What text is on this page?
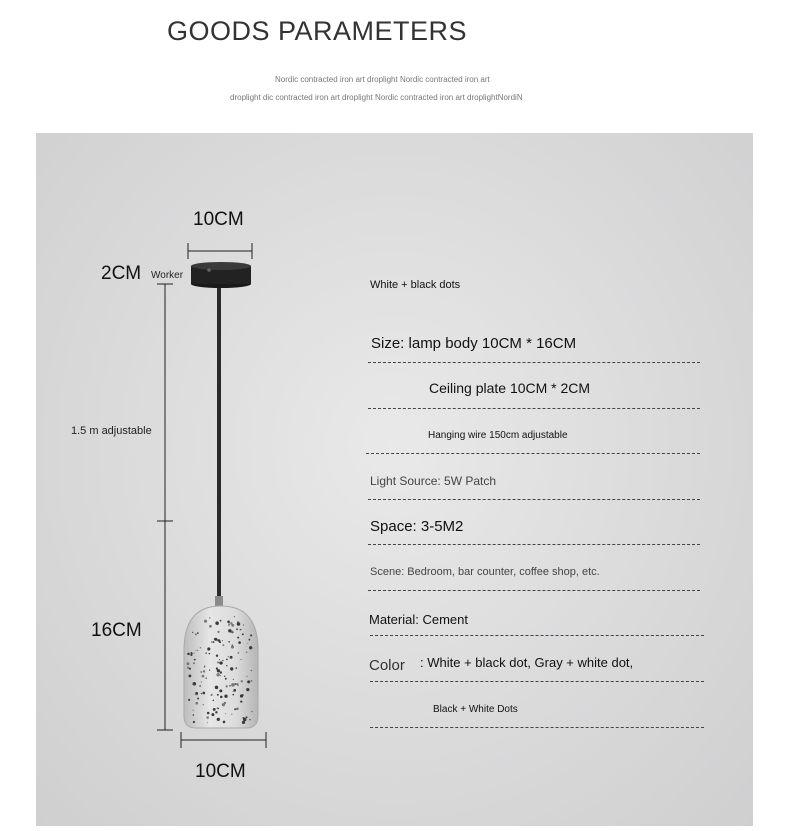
GOODS PARAMETERS
Nordic contracted iron art droplight Nordic contracted iron art
droplight dic contracted iron art droplight Nordic contracted iron art droplightNordiN
10CM
2CM Worker
1.5 m adjustable
16CM
10CM
White + black dots
Size: lamp body 10CM * 16CM
Ceiling plate 10CM * 2CM
Hanging wire 150cm adjustable
Light Source: 5W Patch
Space: 3-5M2
Scene: Bedroom, bar counter, coffee shop, etc.
Material: Cement
Color : White + black dot, Gray + white dot,
Black + White Dots
